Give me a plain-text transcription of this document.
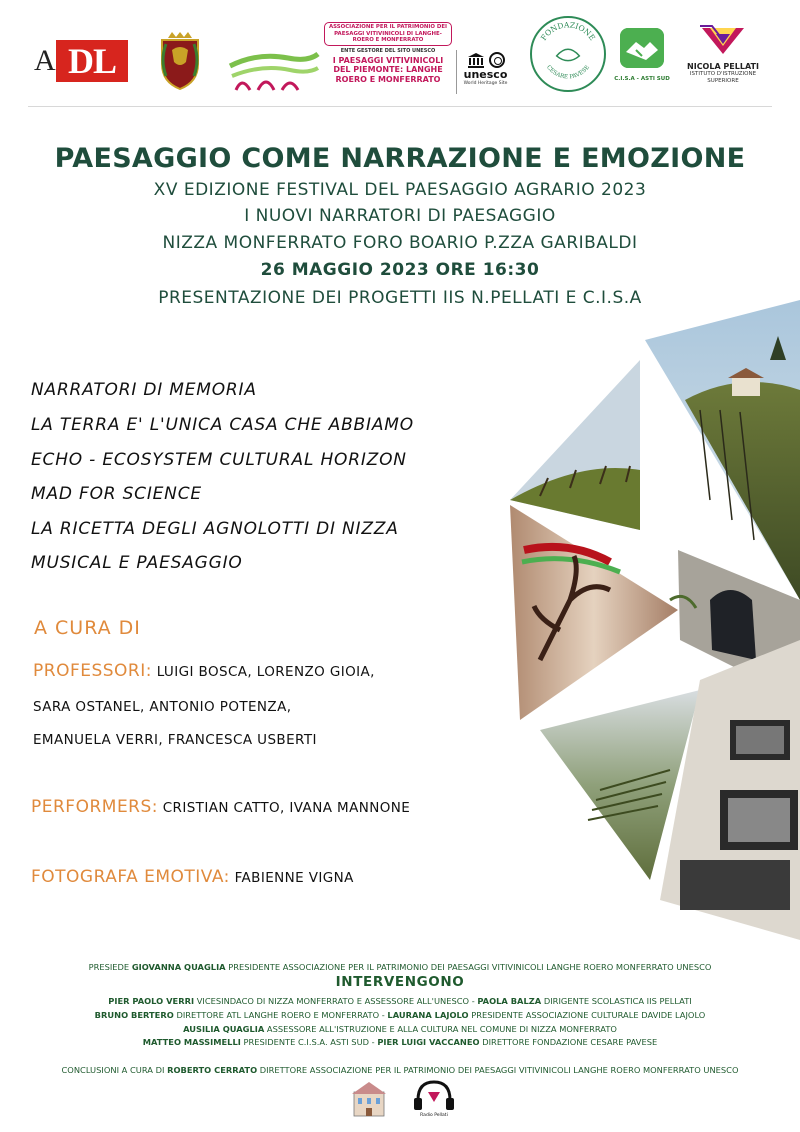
A DL
ASSOCIAZIONE PER IL PATRIMONIO DEI PAESAGGI VITIVINICOLI DI LANGHE-ROERO E MONFERRATO
ENTE GESTORE DEL SITO UNESCO
I PAESAGGI VITIVINICOLI DEL PIEMONTE: LANGHE ROERO E MONFERRATO	unesco
World Heritage Site
FONDAZIONE
CESARE PAVESE
C.I.S.A - ASTI SUD
NICOLA PELLATI
ISTITUTO D'ISTRUZIONE
SUPERIORE
PAESAGGIO COME NARRAZIONE E EMOZIONE
XV EDIZIONE FESTIVAL DEL PAESAGGIO AGRARIO 2023
I NUOVI NARRATORI DI PAESAGGIO
NIZZA MONFERRATO FORO BOARIO P.ZZA GARIBALDI
26 MAGGIO 2023 ORE 16:30
PRESENTAZIONE DEI PROGETTI IIS N.PELLATI E C.I.S.A
NARRATORI DI MEMORIA
LA TERRA E' L'UNICA CASA CHE ABBIAMO
ECHO - ECOSYSTEM CULTURAL HORIZON
MAD FOR SCIENCE
LA RICETTA DEGLI AGNOLOTTI DI NIZZA
MUSICAL E PAESAGGIO
A CURA DI
PROFESSORI: LUIGI BOSCA, LORENZO GIOIA,
SARA OSTANEL, ANTONIO POTENZA,
EMANUELA VERRI, FRANCESCA USBERTI
PERFORMERS: CRISTIAN CATTO, IVANA MANNONE
FOTOGRAFA EMOTIVA: FABIENNE VIGNA
PRESIEDE GIOVANNA QUAGLIA PRESIDENTE ASSOCIAZIONE PER IL PATRIMONIO DEI PAESAGGI VITIVINICOLI LANGHE ROERO MONFERRATO UNESCO
INTERVENGONO
PIER PAOLO VERRI VICESINDACO DI NIZZA MONFERRATO E ASSESSORE ALL'UNESCO - PAOLA BALZA DIRIGENTE SCOLASTICA IIS PELLATI
BRUNO BERTERO DIRETTORE ATL LANGHE ROERO E MONFERRATO - LAURANA LAJOLO PRESIDENTE ASSOCIAZIONE CULTURALE DAVIDE LAJOLO
AUSILIA QUAGLIA ASSESSORE ALL'ISTRUZIONE E ALLA CULTURA NEL COMUNE DI NIZZA MONFERRATO
MATTEO MASSIMELLI PRESIDENTE C.I.S.A. ASTI SUD - PIER LUIGI VACCANEO DIRETTORE FONDAZIONE CESARE PAVESE
CONCLUSIONI A CURA DI ROBERTO CERRATO DIRETTORE ASSOCIAZIONE PER IL PATRIMONIO DEI PAESAGGI VITIVINICOLI LANGHE ROERO MONFERRATO UNESCO
Radio Pellati
